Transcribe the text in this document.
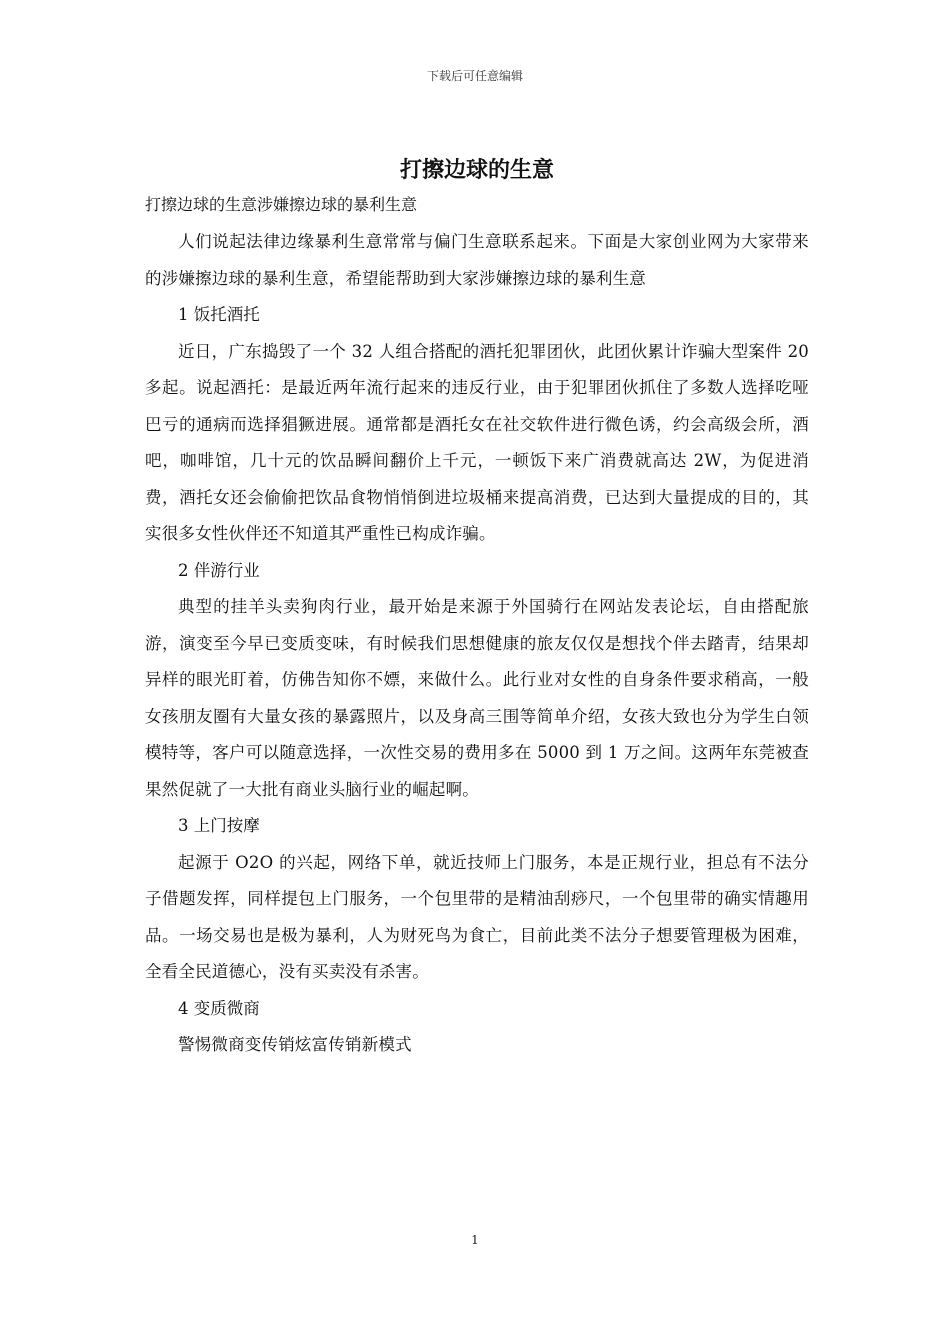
下载后可任意编辑
打擦边球的生意

打擦边球的生意涉嫌擦边球的暴利生意

人们说起法律边缘暴利生意常常与偏门生意联系起来。下面是大家创业网为大家带来的涉嫌擦边球的暴利生意，希望能帮助到大家涉嫌擦边球的暴利生意

1 饭托酒托

近日，广东捣毁了一个 32 人组合搭配的酒托犯罪团伙，此团伙累计诈骗大型案件 20 多起。说起酒托：是最近两年流行起来的违反行业，由于犯罪团伙抓住了多数人选择吃哑巴亏的通病而选择猖獗进展。通常都是酒托女在社交软件进行微色诱，约会高级会所，酒吧，咖啡馆，几十元的饮品瞬间翻价上千元，一顿饭下来广消费就高达 2W，为促进消费，酒托女还会偷偷把饮品食物悄悄倒进垃圾桶来提高消费，已达到大量提成的目的，其实很多女性伙伴还不知道其严重性已构成诈骗。

2 伴游行业

典型的挂羊头卖狗肉行业，最开始是来源于外国骑行在网站发表论坛，自由搭配旅游，演变至今早已变质变味，有时候我们思想健康的旅友仅仅是想找个伴去踏青，结果却异样的眼光盯着，仿佛告知你不嫖，来做什么。此行业对女性的自身条件要求稍高，一般女孩朋友圈有大量女孩的暴露照片，以及身高三围等简单介绍，女孩大致也分为学生白领模特等，客户可以随意选择，一次性交易的费用多在 5000 到 1 万之间。这两年东莞被查果然促就了一大批有商业头脑行业的崛起啊。

3 上门按摩

起源于 O2O 的兴起，网络下单，就近技师上门服务，本是正规行业，担总有不法分子借题发挥，同样提包上门服务，一个包里带的是精油刮痧尺，一个包里带的确实情趣用品。一场交易也是极为暴利，人为财死鸟为食亡，目前此类不法分子想要管理极为困难，全看全民道德心，没有买卖没有杀害。

4 变质微商

警惕微商变传销炫富传销新模式

1
